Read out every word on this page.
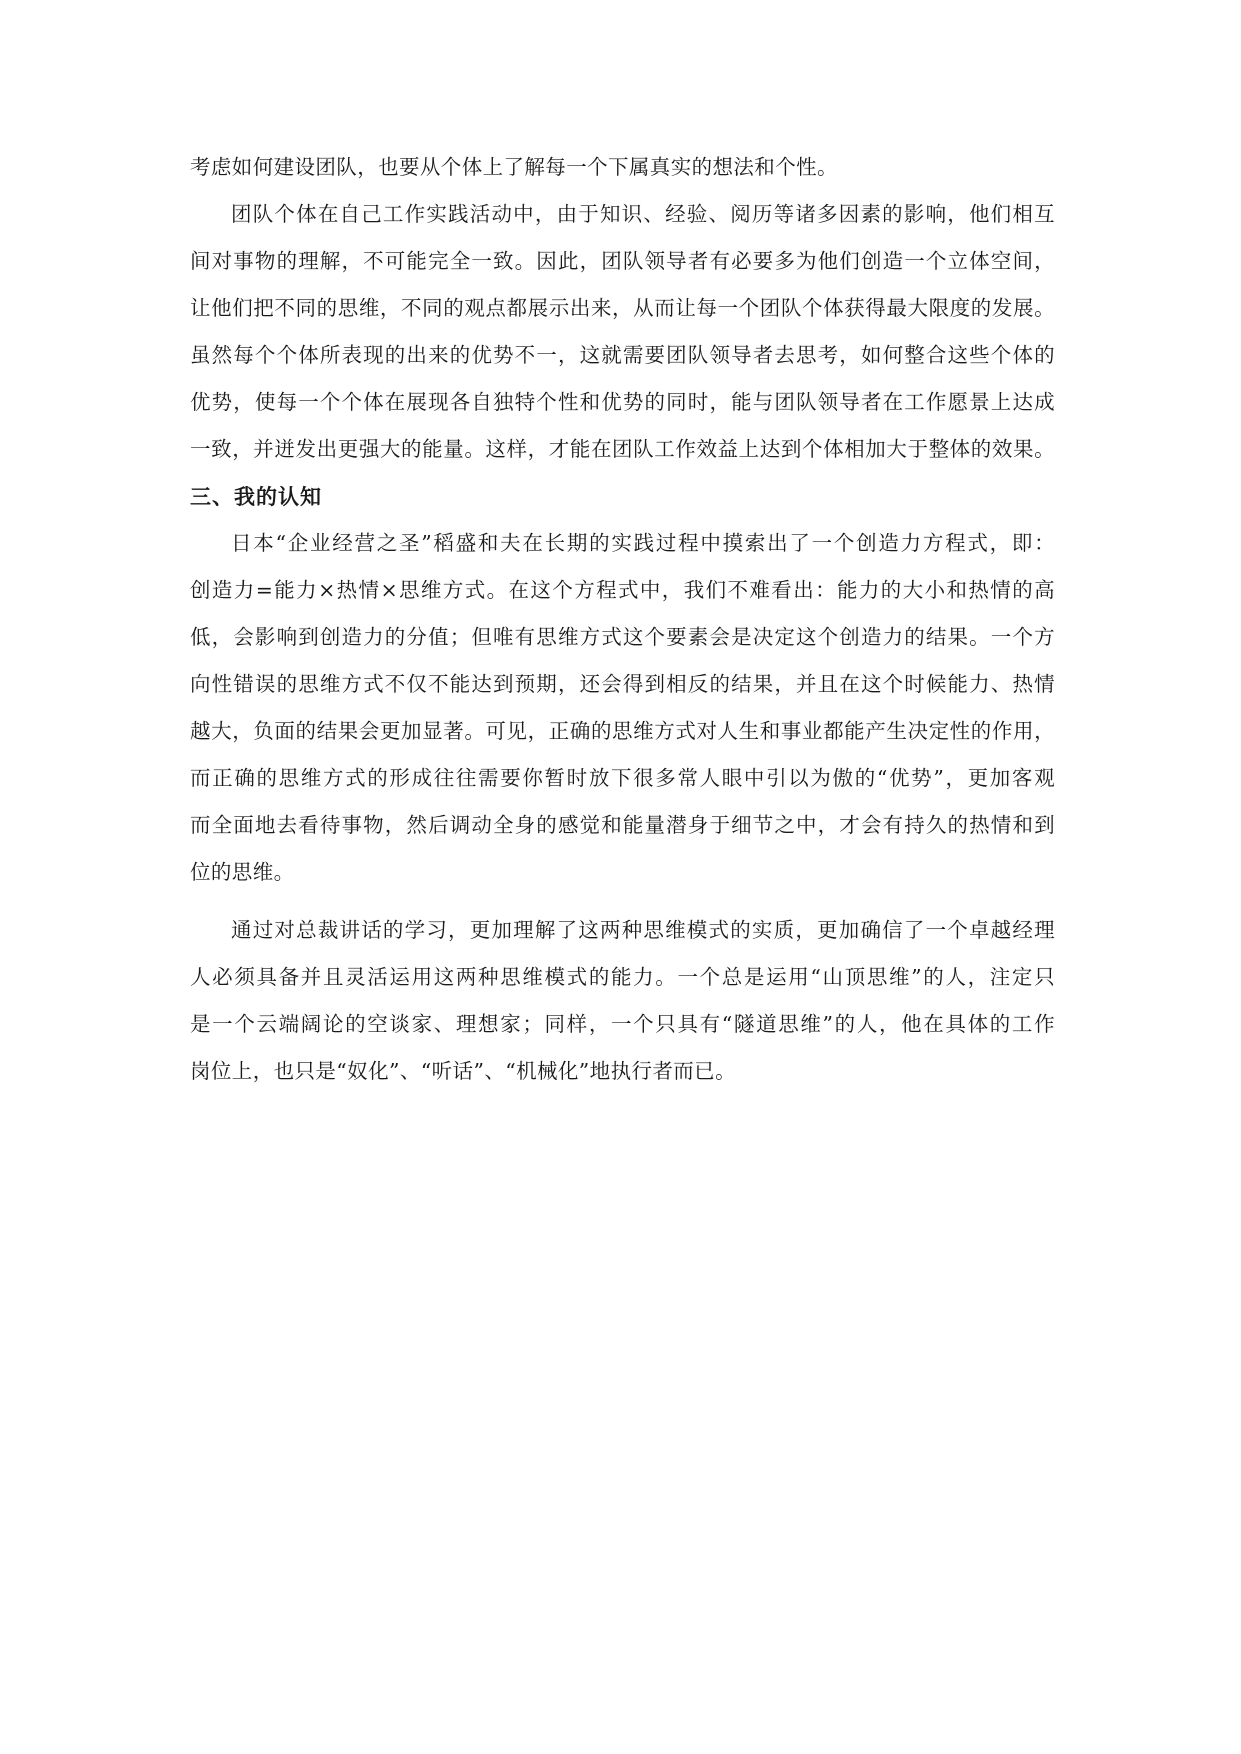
考虑如何建设团队，也要从个体上了解每一个下属真实的想法和个性。
团队个体在自己工作实践活动中，由于知识、经验、阅历等诸多因素的影响，他们相互
间对事物的理解，不可能完全一致。因此，团队领导者有必要多为他们创造一个立体空间，
让他们把不同的思维，不同的观点都展示出来，从而让每一个团队个体获得最大限度的发展。
虽然每个个体所表现的出来的优势不一，这就需要团队领导者去思考，如何整合这些个体的
优势，使每一个个体在展现各自独特个性和优势的同时，能与团队领导者在工作愿景上达成
一致，并迸发出更强大的能量。这样，才能在团队工作效益上达到个体相加大于整体的效果。
三、我的认知
日本“企业经营之圣”稻盛和夫在长期的实践过程中摸索出了一个创造力方程式，即：
创造力=能力×热情×思维方式。在这个方程式中，我们不难看出：能力的大小和热情的高
低，会影响到创造力的分值；但唯有思维方式这个要素会是决定这个创造力的结果。一个方
向性错误的思维方式不仅不能达到预期，还会得到相反的结果，并且在这个时候能力、热情
越大，负面的结果会更加显著。可见，正确的思维方式对人生和事业都能产生决定性的作用，
而正确的思维方式的形成往往需要你暂时放下很多常人眼中引以为傲的“优势”，更加客观
而全面地去看待事物，然后调动全身的感觉和能量潜身于细节之中，才会有持久的热情和到
位的思维。
通过对总裁讲话的学习，更加理解了这两种思维模式的实质，更加确信了一个卓越经理
人必须具备并且灵活运用这两种思维模式的能力。一个总是运用“山顶思维”的人，注定只
是一个云端阔论的空谈家、理想家；同样，一个只具有“隧道思维”的人，他在具体的工作
岗位上，也只是“奴化”、“听话”、“机械化”地执行者而已。
